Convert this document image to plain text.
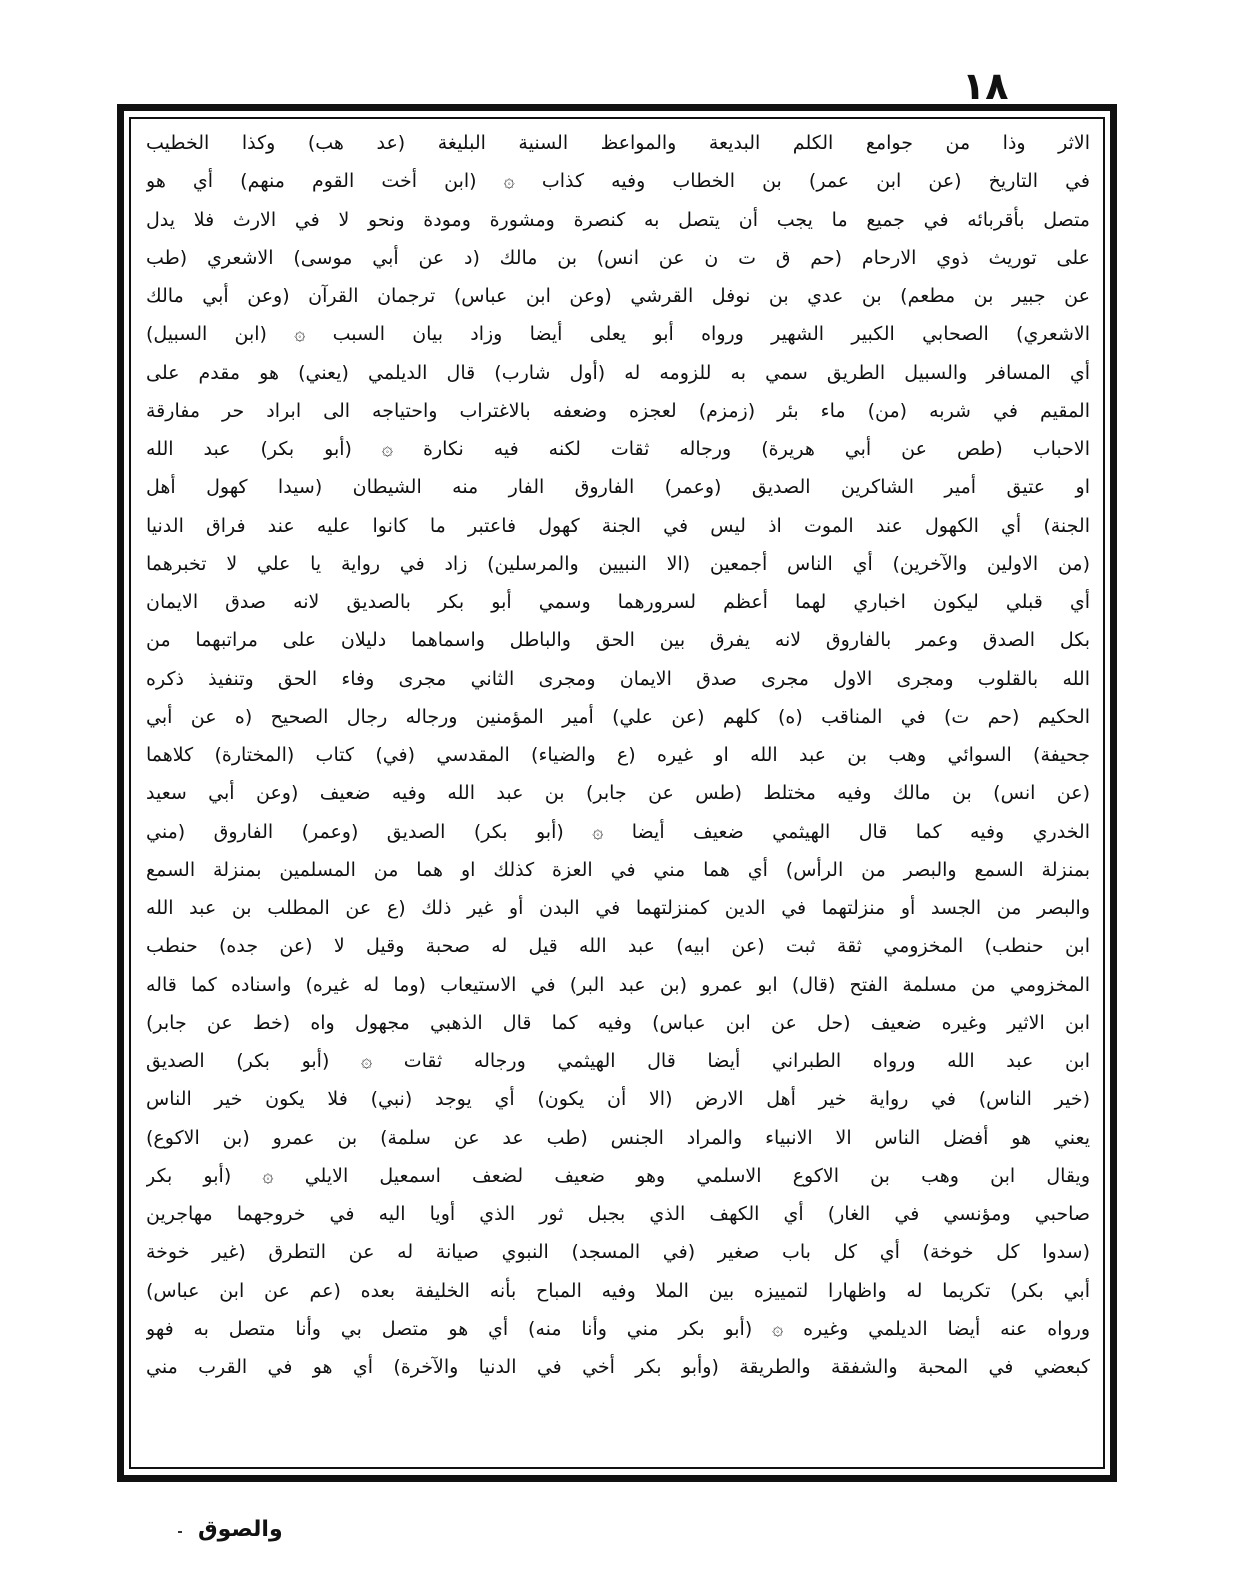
١٨
الاثر وذا من جوامع الكلم البديعة والمواعظ السنية البليغة (عد هب) وكذا الخطيب
في التاريخ (عن ابن عمر) بن الخطاب وفيه كذاب ۞ (ابن أخت القوم منهم) أي هو
متصل بأقربائه في جميع ما يجب أن يتصل به كنصرة ومشورة ومودة ونحو لا في الارث فلا يدل
على توريث ذوي الارحام (حم ق ت ن عن انس) بن مالك (د عن أبي موسى) الاشعري (طب
عن جبير بن مطعم) بن عدي بن نوفل القرشي (وعن ابن عباس) ترجمان القرآن (وعن أبي مالك
الاشعري) الصحابي الكبير الشهير ورواه أبو يعلى أيضا وزاد بيان السبب ۞ (ابن السبيل)
أي المسافر والسبيل الطريق سمي به للزومه له (أول شارب) قال الديلمي (يعني) هو مقدم على
المقيم في شربه (من) ماء بئر (زمزم) لعجزه وضعفه بالاغتراب واحتياجه الى ابراد حر مفارقة
الاحباب (طص عن أبي هريرة) ورجاله ثقات لكنه فيه نكارة ۞ (أبو بكر) عبد الله
او عتيق أمير الشاكرين الصديق (وعمر) الفاروق الفار منه الشيطان (سيدا كهول أهل
الجنة) أي الكهول عند الموت اذ ليس في الجنة كهول فاعتبر ما كانوا عليه عند فراق الدنيا
(من الاولين والآخرين) أي الناس أجمعين (الا النبيين والمرسلين) زاد في رواية يا علي لا تخبرهما
أي قبلي ليكون اخباري لهما أعظم لسرورهما وسمي أبو بكر بالصديق لانه صدق الايمان
بكل الصدق وعمر بالفاروق لانه يفرق بين الحق والباطل واسماهما دليلان على مراتبهما من
الله بالقلوب ومجرى الاول مجرى صدق الايمان ومجرى الثاني مجرى وفاء الحق وتنفيذ ذكره
الحكيم (حم ت) في المناقب (ه) كلهم (عن علي) أمير المؤمنين ورجاله رجال الصحيح (ه عن أبي
جحيفة) السوائي وهب بن عبد الله او غيره (ع والضياء) المقدسي (في) كتاب (المختارة) كلاهما
(عن انس) بن مالك وفيه مختلط (طس عن جابر) بن عبد الله وفيه ضعيف (وعن أبي سعيد
الخدري وفيه كما قال الهيثمي ضعيف أيضا ۞ (أبو بكر) الصديق (وعمر) الفاروق (مني
بمنزلة السمع والبصر من الرأس) أي هما مني في العزة كذلك او هما من المسلمين بمنزلة السمع
والبصر من الجسد أو منزلتهما في الدين كمنزلتهما في البدن أو غير ذلك (ع عن المطلب بن عبد الله
ابن حنطب) المخزومي ثقة ثبت (عن ابيه) عبد الله قيل له صحبة وقيل لا (عن جده) حنطب
المخزومي من مسلمة الفتح (قال) ابو عمرو (بن عبد البر) في الاستيعاب (وما له غيره) واسناده كما قاله
ابن الاثير وغيره ضعيف (حل عن ابن عباس) وفيه كما قال الذهبي مجهول واه (خط عن جابر)
ابن عبد الله ورواه الطبراني أيضا قال الهيثمي ورجاله ثقات ۞ (أبو بكر) الصديق
(خير الناس) في رواية خير أهل الارض (الا أن يكون) أي يوجد (نبي) فلا يكون خير الناس
يعني هو أفضل الناس الا الانبياء والمراد الجنس (طب عد عن سلمة) بن عمرو (بن الاكوع)
ويقال ابن وهب بن الاكوع الاسلمي وهو ضعيف لضعف اسمعيل الايلي ۞ (أبو بكر
صاحبي ومؤنسي في الغار) أي الكهف الذي بجبل ثور الذي أويا اليه في خروجهما مهاجرين
(سدوا كل خوخة) أي كل باب صغير (في المسجد) النبوي صيانة له عن التطرق (غير خوخة
أبي بكر) تكريما له واظهارا لتمييزه بين الملا وفيه المباح بأنه الخليفة بعده (عم عن ابن عباس)
ورواه عنه أيضا الديلمي وغيره ۞ (أبو بكر مني وأنا منه) أي هو متصل بي وأنا متصل به فهو
كبعضي في المحبة والشفقة والطريقة (وأبو بكر أخي في الدنيا والآخرة) أي هو في القرب مني
والصوق
